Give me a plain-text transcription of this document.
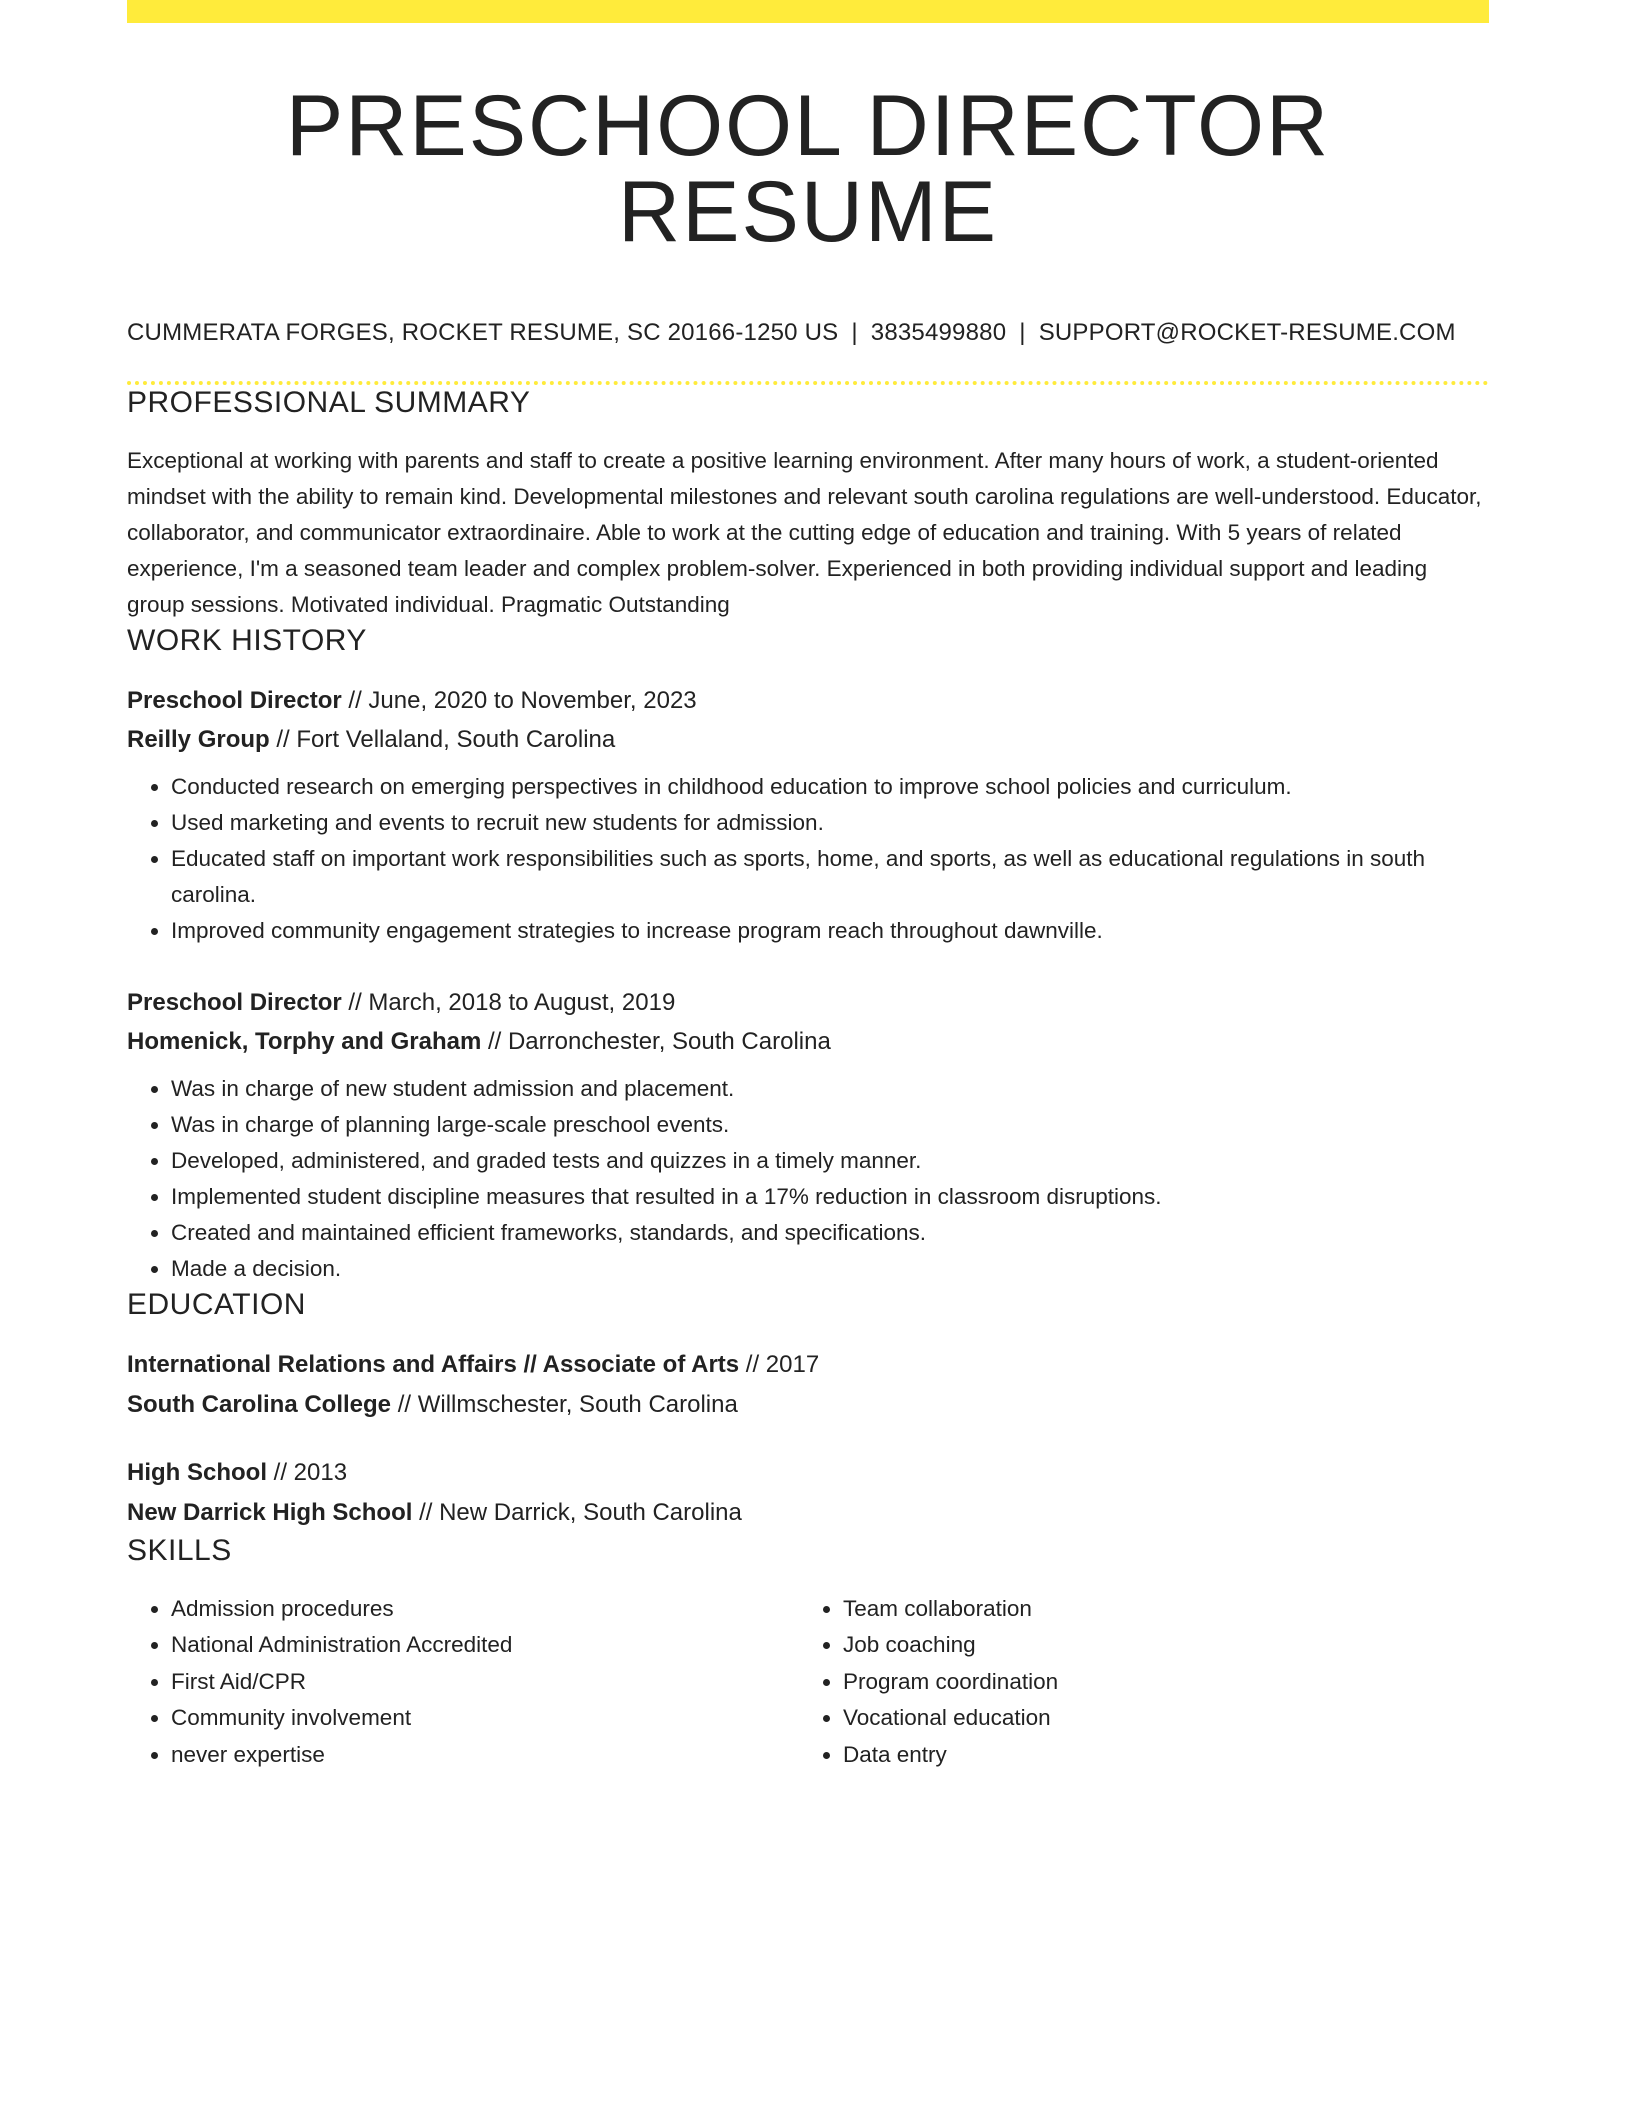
PRESCHOOL DIRECTOR RESUME
CUMMERATA FORGES, ROCKET RESUME, SC 20166-1250 US | 3835499880 | SUPPORT@ROCKET-RESUME.COM
PROFESSIONAL SUMMARY

Exceptional at working with parents and staff to create a positive learning environment. After many hours of work, a student-oriented mindset with the ability to remain kind. Developmental milestones and relevant south carolina regulations are well-understood. Educator, collaborator, and communicator extraordinaire. Able to work at the cutting edge of education and training. With 5 years of related experience, I'm a seasoned team leader and complex problem-solver. Experienced in both providing individual support and leading group sessions. Motivated individual. Pragmatic Outstanding

WORK HISTORY
Preschool Director // June, 2020 to November, 2023
Reilly Group // Fort Vellaland, South Carolina
• Conducted research on emerging perspectives in childhood education to improve school policies and curriculum.
• Used marketing and events to recruit new students for admission.
• Educated staff on important work responsibilities such as sports, home, and sports, as well as educational regulations in south carolina.
• Improved community engagement strategies to increase program reach throughout dawnville.
Preschool Director // March, 2018 to August, 2019
Homenick, Torphy and Graham // Darronchester, South Carolina
• Was in charge of new student admission and placement.
• Was in charge of planning large-scale preschool events.
• Developed, administered, and graded tests and quizzes in a timely manner.
• Implemented student discipline measures that resulted in a 17% reduction in classroom disruptions.
• Created and maintained efficient frameworks, standards, and specifications.
• Made a decision.
EDUCATION
International Relations and Affairs // Associate of Arts // 2017
South Carolina College // Willmschester, South Carolina
High School // 2013
New Darrick High School // New Darrick, South Carolina
SKILLS
• Admission procedures
• National Administration Accredited
• First Aid/CPR
• Community involvement
• never expertise
• Team collaboration
• Job coaching
• Program coordination
• Vocational education
• Data entry
